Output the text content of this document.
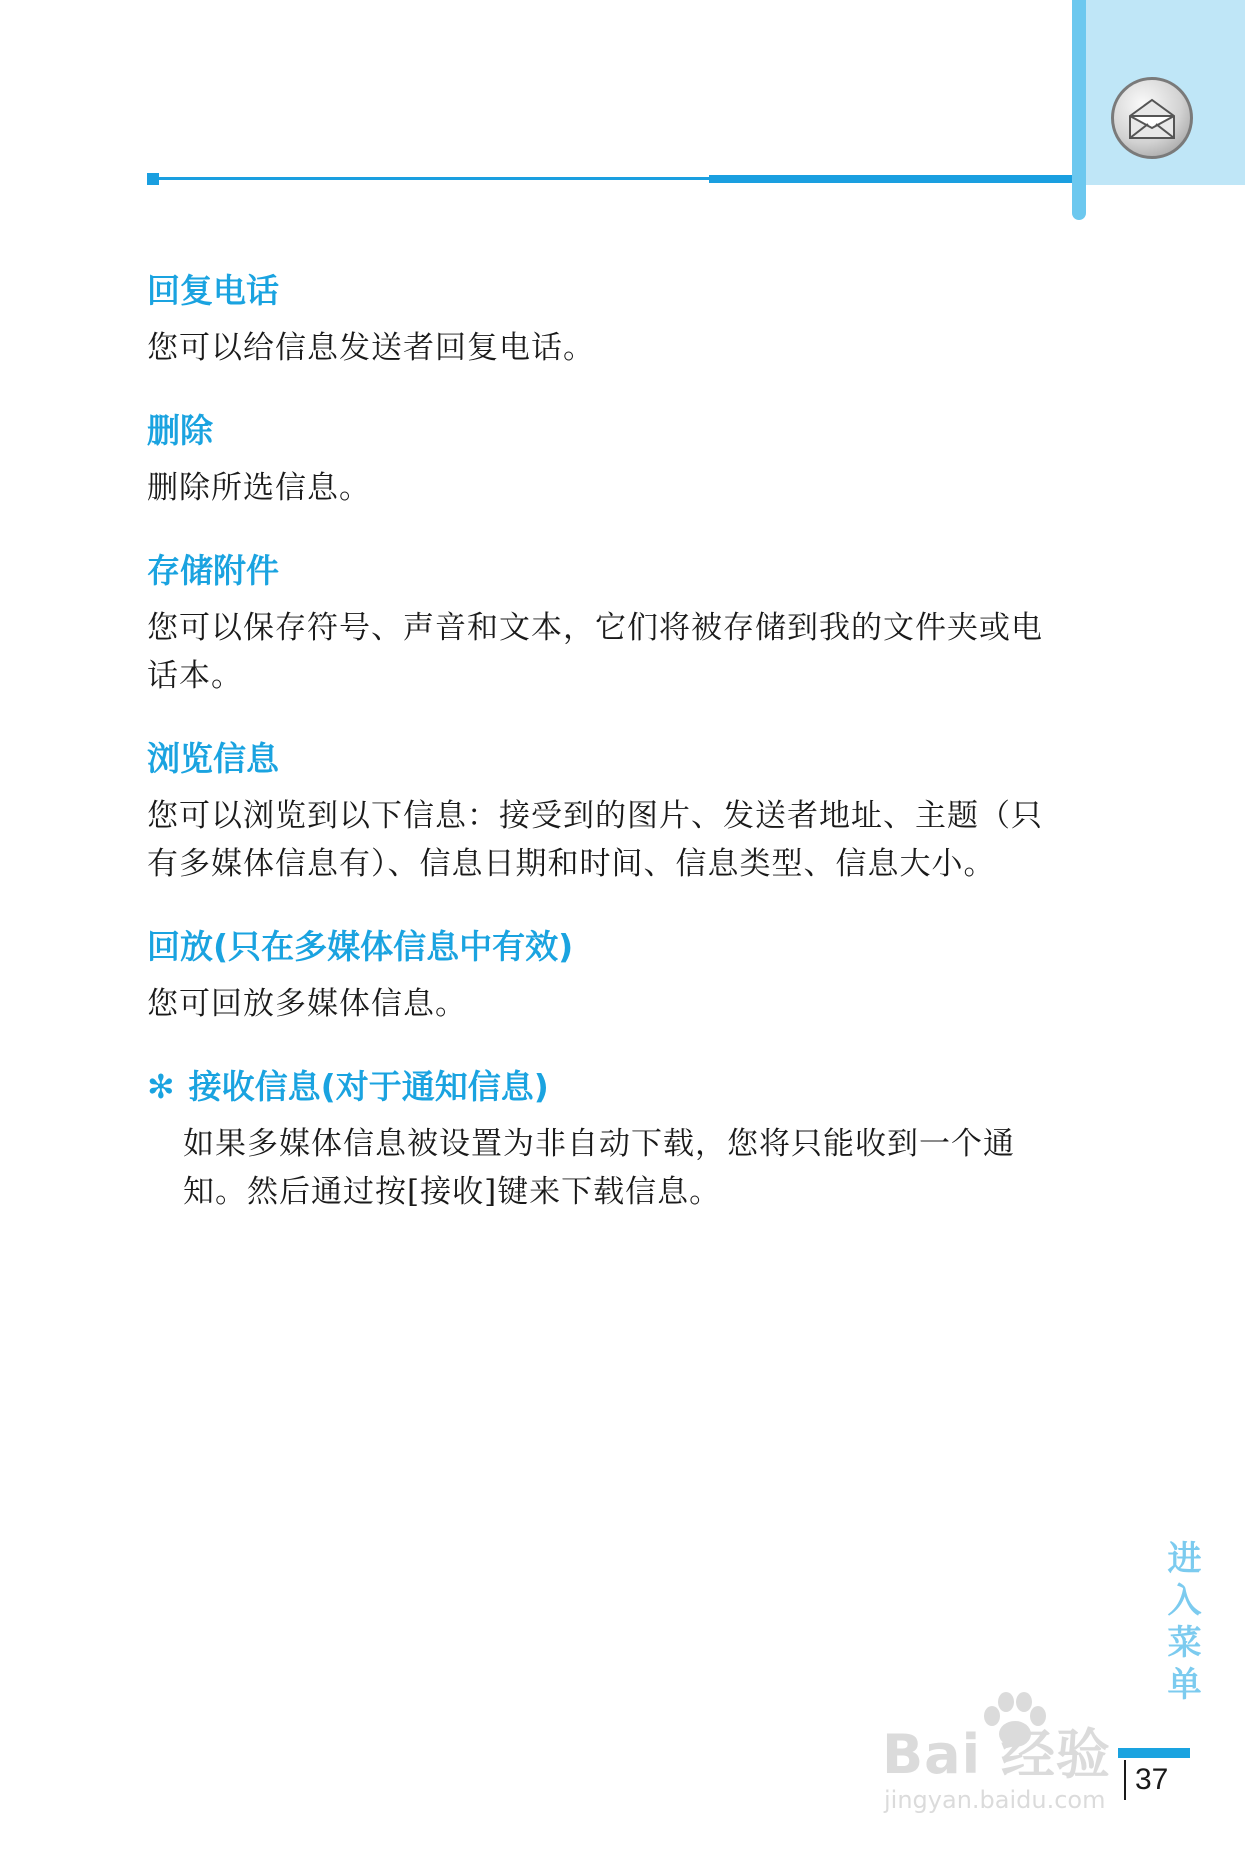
回复电话

您可以给信息发送者回复电话。

删除

删除所选信息。

存储附件

您可以保存符号、声音和文本，它们将被存储到我的文件夹或电
话本。

浏览信息

您可以浏览到以下信息：接受到的图片、发送者地址、主题（只
有多媒体信息有）、信息日期和时间、信息类型、信息大小。

回放(只在多媒体信息中有效)

您可回放多媒体信息。

✻ 接收信息(对于通知信息)

如果多媒体信息被设置为非自动下载，您将只能收到一个通
知。然后通过按[接收]键来下载信息。

进入菜单
Bai 经验
jingyan.baidu.com
37
